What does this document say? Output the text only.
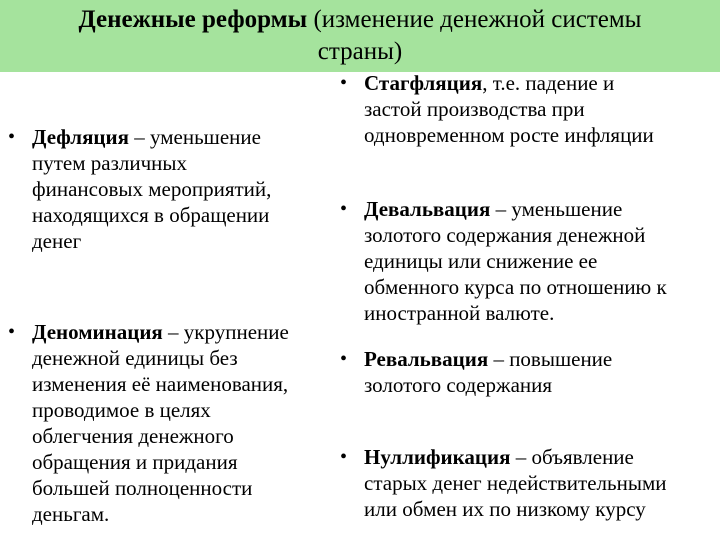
Денежные реформы (изменение денежной системы
страны)
• Дефляция – уменьшение
путем различных
финансовых мероприятий,
находящихся в обращении
денег
• Деноминация – укрупнение
денежной единицы без
изменения её наименования,
проводимое в целях
облегчения денежного
обращения и придания
большей полноценности
деньгам.
• Стагфляция, т.е. падение и
застой производства при
одновременном росте инфляции
• Девальвация – уменьшение
золотого содержания денежной
единицы или снижение ее
обменного курса по отношению к
иностранной валюте.
• Ревальвация – повышение
золотого содержания
• Нуллификация – объявление
старых денег недействительными
или обмен их по низкому курсу
